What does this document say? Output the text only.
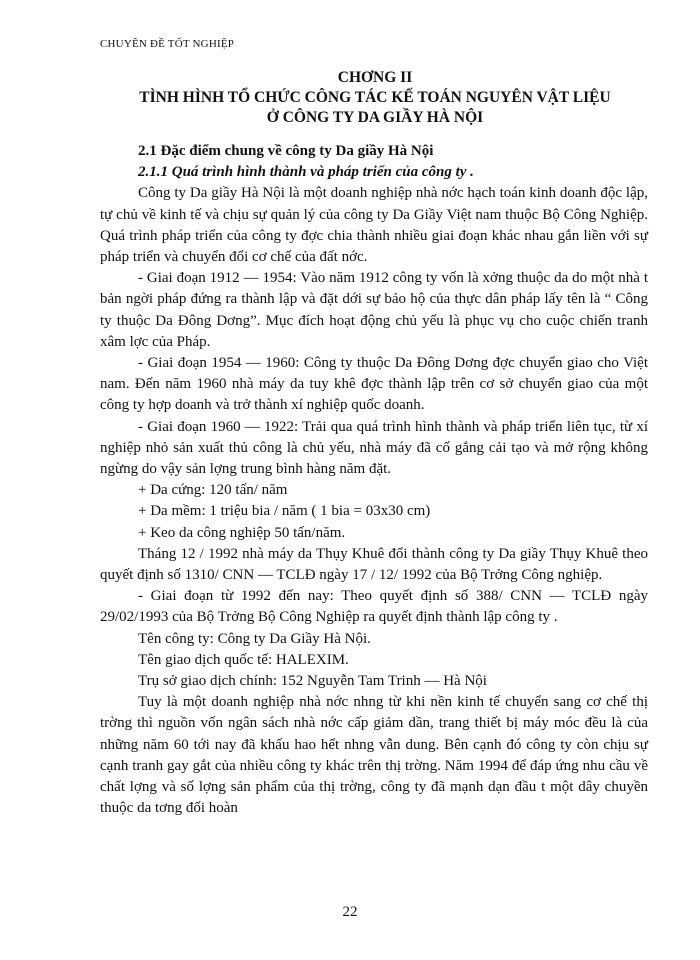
CHUYÊN ĐỀ TỐT NGHIỆP
CHƠNG II
TÌNH HÌNH TỔ CHỨC CÔNG TÁC KẾ TOÁN NGUYÊN VẬT LIỆU
Ở CÔNG TY DA GIẦY HÀ NỘI

2.1 Đặc điểm chung về công ty Da giầy Hà Nội

2.1.1 Quá trình hình thành và pháp triển của công ty .

Công ty Da giầy Hà Nội là một doanh nghiệp nhà nớc hạch toán kinh doanh độc lập, tự chủ về kinh tế và chịu sự quản lý của công ty Da Giầy Việt nam thuộc Bộ Công Nghiệp. Quá trình pháp triển của công ty đợc chia thành nhiều giai đoạn khác nhau gắn liền với sự pháp triển và chuyển đổi cơ chế của đất nớc.

- Giai đoạn 1912 — 1954: Vào năm 1912 công ty vốn là xởng thuộc da do một nhà t bản ngời pháp đứng ra thành lập và đặt dới sự bảo hộ của thực dân pháp lấy tên là “ Công ty thuộc Da Đông Dơng”. Mục đích hoạt động chủ yếu là phục vụ cho cuộc chiến tranh xâm lợc của Pháp.

- Giai đoạn 1954 — 1960: Công ty thuộc Da Đông Dơng đợc chuyển giao cho Việt nam. Đến năm 1960 nhà máy da tuy khê đợc thành lập trên cơ sở chuyển giao của một công ty hợp doanh và trở thành xí nghiệp quốc doanh.

- Giai đoạn 1960 — 1922: Trải qua quá trình hình thành và pháp triển liên tục, từ xí nghiệp nhỏ sản xuất thủ công là chủ yếu, nhà máy đã cố gắng cải tạo và mở rộng không ngừng do vậy sản lợng trung bình hàng năm đặt.

+ Da cứng: 120 tấn/ năm

+ Da mềm: 1 triệu bia / năm ( 1 bia = 03x30 cm)

+ Keo da công nghiệp 50 tấn/năm.

Tháng 12 / 1992 nhà máy da Thụy Khuê đổi thành công ty Da giầy Thụy Khuê theo quyết định số 1310/ CNN — TCLĐ ngày 17 / 12/ 1992 của Bộ Trởng Công nghiệp.

- Giai đoạn từ 1992 đến nay: Theo quyết định số 388/ CNN — TCLĐ ngày 29/02/1993 của Bộ Trởng Bộ Công Nghiệp ra quyết định thành lập công ty .

Tên công ty: Công ty Da Giầy Hà Nội.

Tên giao dịch quốc tế: HALEXIM.

Trụ sở giao dịch chính: 152 Nguyễn Tam Trinh — Hà Nội

Tuy là một doanh nghiệp nhà nớc nhng từ khi nền kinh tế chuyển sang cơ chế thị trờng thì nguồn vốn ngân sách nhà nớc cấp giảm dần, trang thiết bị máy móc đều là của những năm 60 tới nay đã khấu hao hết nhng vẫn dung. Bên cạnh đó công ty còn chịu sự cạnh tranh gay gắt của nhiều công ty khác trên thị trờng. Năm 1994 để đáp ứng nhu cầu về chất lợng và số lợng sản phẩm của thị trờng, công ty đã mạnh dạn đầu t một dây chuyền thuộc da tơng đối hoàn

22
